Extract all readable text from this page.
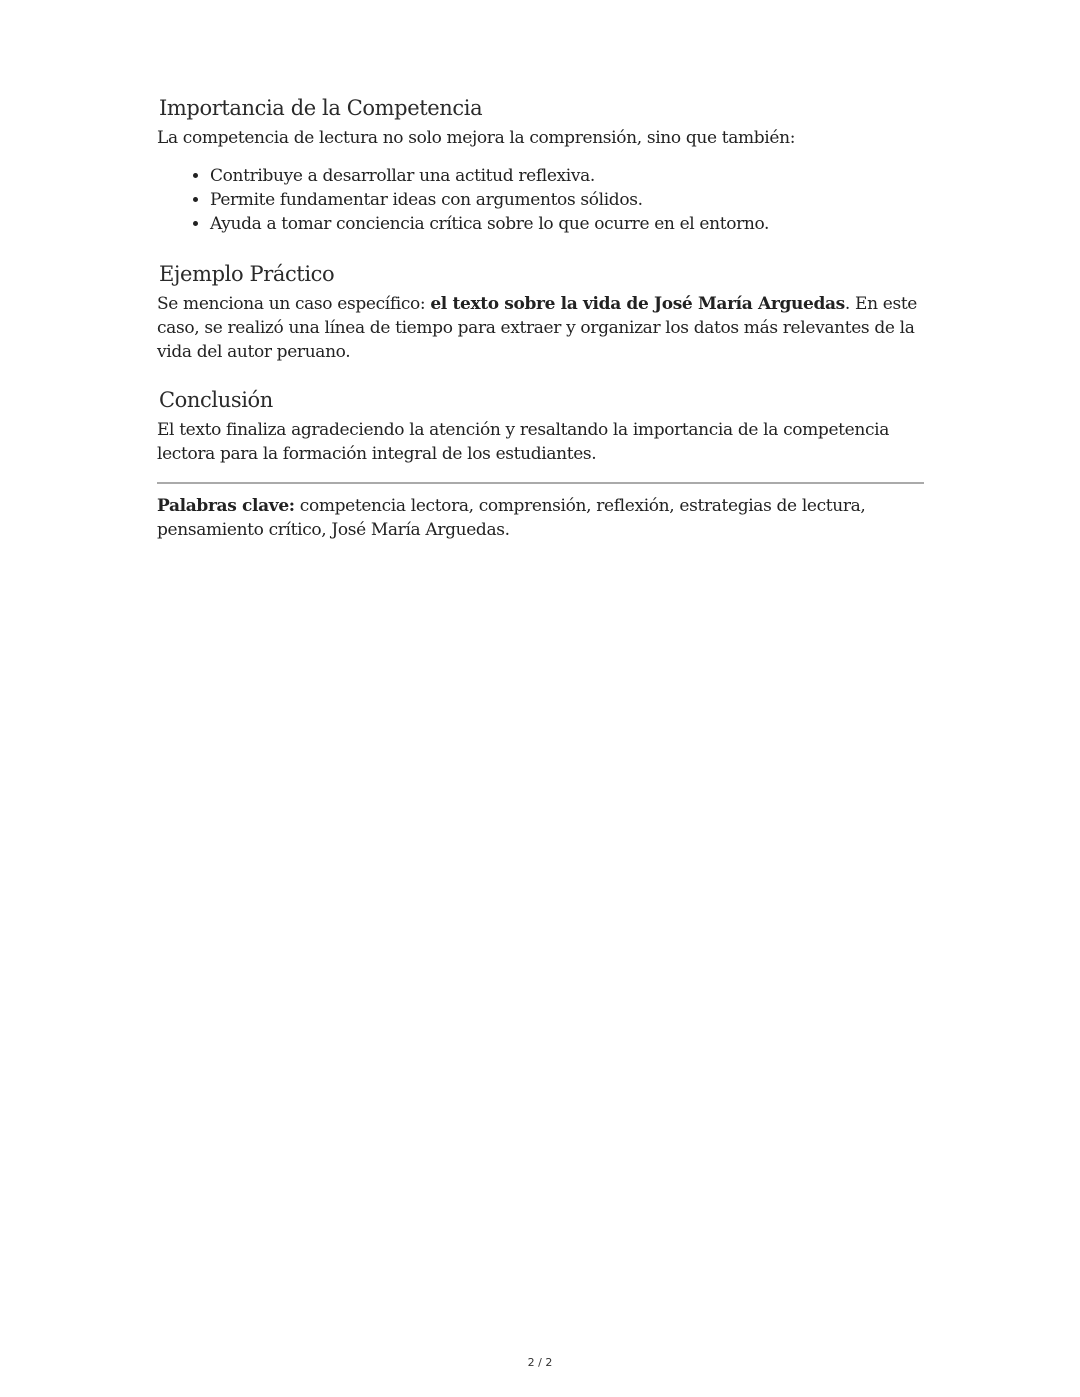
Importancia de la Competencia

La competencia de lectura no solo mejora la comprensión, sino que también:

• Contribuye a desarrollar una actitud reflexiva.
• Permite fundamentar ideas con argumentos sólidos.
• Ayuda a tomar conciencia crítica sobre lo que ocurre en el entorno.
Ejemplo Práctico

Se menciona un caso específico: el texto sobre la vida de José María Arguedas. En este caso, se realizó una línea de tiempo para extraer y organizar los datos más relevantes de la vida del autor peruano.

Conclusión

El texto finaliza agradeciendo la atención y resaltando la importancia de la competencia lectora para la formación integral de los estudiantes.

Palabras clave: competencia lectora, comprensión, reflexión, estrategias de lectura, pensamiento crítico, José María Arguedas.

2 / 2
